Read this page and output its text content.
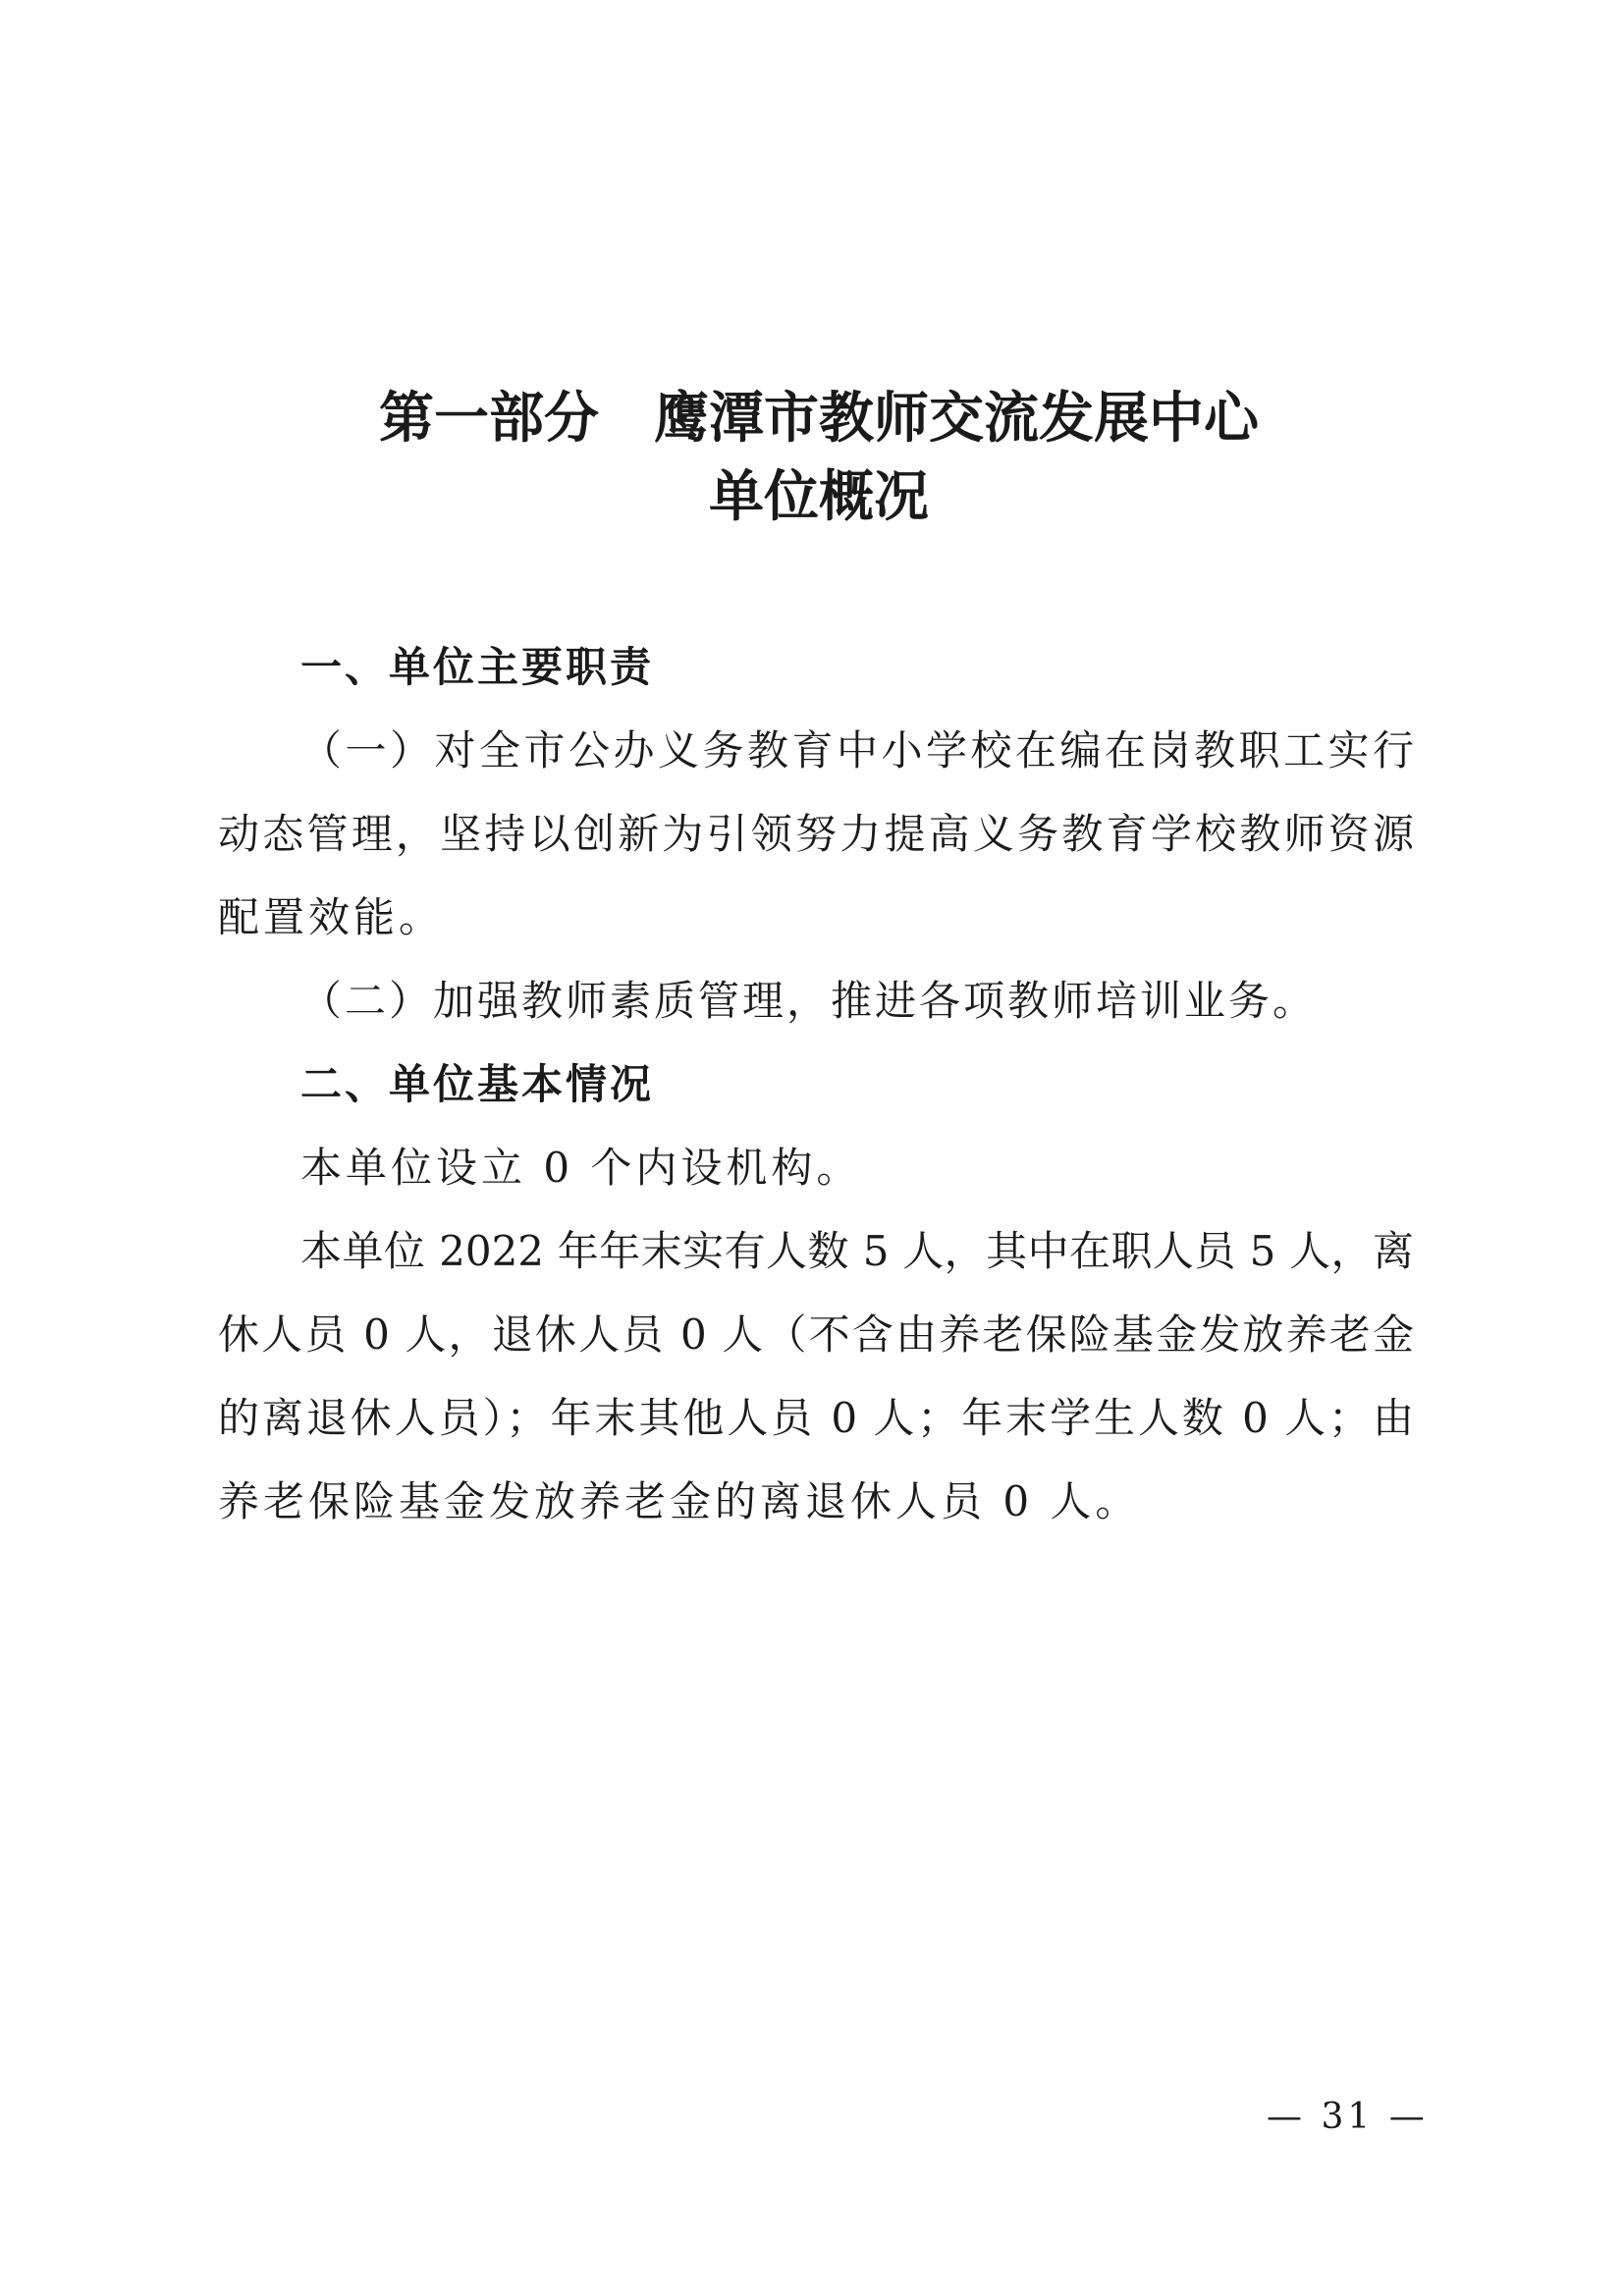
第一部分 鹰潭市教师交流发展中心
单位概况
一、单位主要职责

（一）对全市公办义务教育中小学校在编在岗教职工实行

动态管理，坚持以创新为引领努力提高义务教育学校教师资源

配置效能。

（二）加强教师素质管理，推进各项教师培训业务。

二、单位基本情况

本单位设立 0 个内设机构。

本单位 2022 年年末实有人数 5 人，其中在职人员 5 人，离

休人员 0 人，退休人员 0 人（不含由养老保险基金发放养老金

的离退休人员）；年末其他人员 0 人；年末学生人数 0 人；由

养老保险基金发放养老金的离退休人员 0 人。

— 31 —
